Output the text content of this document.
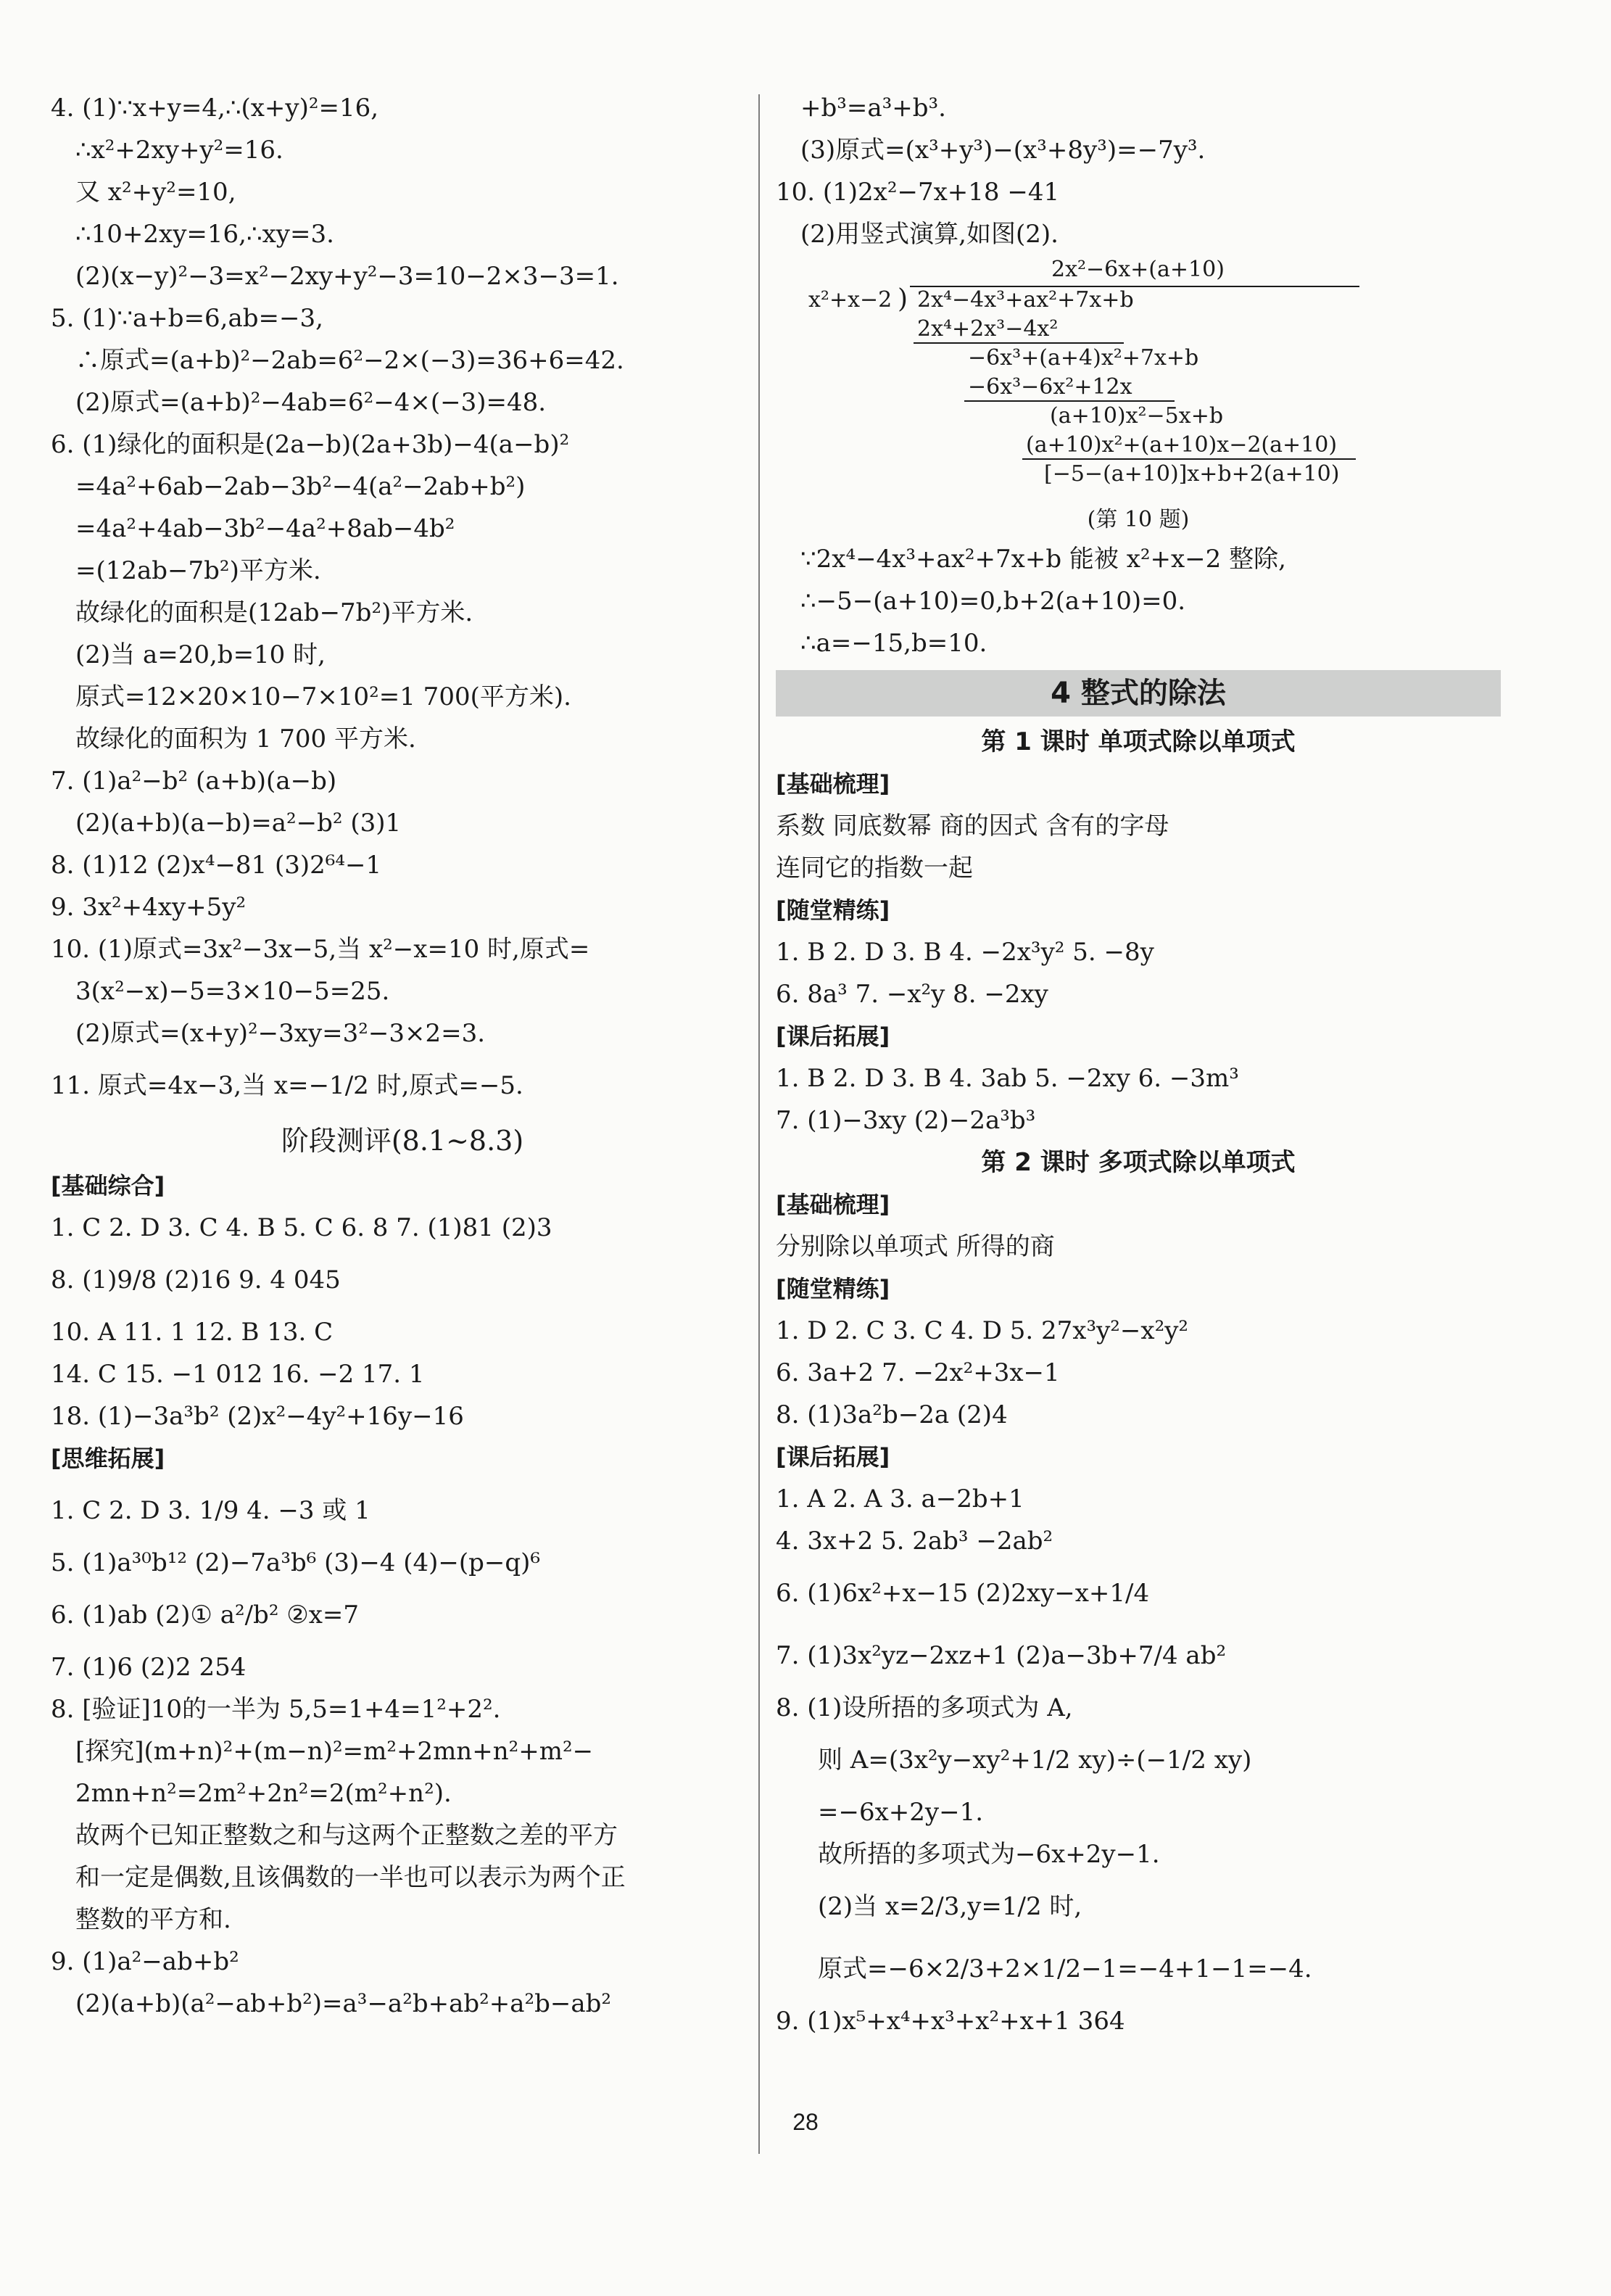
4. (1)∵x+y=4,∴(x+y)²=16,
∴x²+2xy+y²=16.
又 x²+y²=10,
∴10+2xy=16,∴xy=3.
(2)(x−y)²−3=x²−2xy+y²−3=10−2×3−3=1.
5. (1)∵a+b=6,ab=−3,
∴原式=(a+b)²−2ab=6²−2×(−3)=36+6=42.
(2)原式=(a+b)²−4ab=6²−4×(−3)=48.
6. (1)绿化的面积是(2a−b)(2a+3b)−4(a−b)²
=4a²+6ab−2ab−3b²−4(a²−2ab+b²)
=4a²+4ab−3b²−4a²+8ab−4b²
=(12ab−7b²)平方米.
故绿化的面积是(12ab−7b²)平方米.
(2)当 a=20,b=10 时,
原式=12×20×10−7×10²=1 700(平方米).
故绿化的面积为 1 700 平方米.
7. (1)a²−b² (a+b)(a−b)
(2)(a+b)(a−b)=a²−b² (3)1
8. (1)12 (2)x⁴−81 (3)2⁶⁴−1
9. 3x²+4xy+5y²
10. (1)原式=3x²−3x−5,当 x²−x=10 时,原式=
3(x²−x)−5=3×10−5=25.
(2)原式=(x+y)²−3xy=3²−3×2=3.
11. 原式=4x−3,当 x=−1/2 时,原式=−5.
阶段测评(8.1~8.3)
[基础综合]
1. C 2. D 3. C 4. B 5. C 6. 8 7. (1)81 (2)3
8. (1)9/8 (2)16 9. 4 045
10. A 11. 1 12. B 13. C
14. C 15. −1 012 16. −2 17. 1
18. (1)−3a³b² (2)x²−4y²+16y−16
[思维拓展]
1. C 2. D 3. 1/9 4. −3 或 1
5. (1)a³⁰b¹² (2)−7a³b⁶ (3)−4 (4)−(p−q)⁶
6. (1)ab (2)① a²/b² ②x=7
7. (1)6 (2)2 254
8. [验证]10的一半为 5,5=1+4=1²+2².
[探究](m+n)²+(m−n)²=m²+2mn+n²+m²−
2mn+n²=2m²+2n²=2(m²+n²).
故两个已知正整数之和与这两个正整数之差的平方
和一定是偶数,且该偶数的一半也可以表示为两个正
整数的平方和.
9. (1)a²−ab+b²
(2)(a+b)(a²−ab+b²)=a³−a²b+ab²+a²b−ab²
+b³=a³+b³.
(3)原式=(x³+y³)−(x³+8y³)=−7y³.
10. (1)2x²−7x+18 −41
(2)用竖式演算,如图(2).
2x²−6x+(a+10)
x²+x−2 ) 2x⁴−4x³+ax²+7x+b
2x⁴+2x³−4x²
−6x³+(a+4)x²+7x+b
−6x³−6x²+12x
(a+10)x²−5x+b
(a+10)x²+(a+10)x−2(a+10)
[−5−(a+10)]x+b+2(a+10)
(第 10 题)
∵2x⁴−4x³+ax²+7x+b 能被 x²+x−2 整除,
∴−5−(a+10)=0,b+2(a+10)=0.
∴a=−15,b=10.
4 整式的除法
第 1 课时 单项式除以单项式
[基础梳理]
系数 同底数幂 商的因式 含有的字母
连同它的指数一起
[随堂精练]
1. B 2. D 3. B 4. −2x³y² 5. −8y
6. 8a³ 7. −x²y 8. −2xy
[课后拓展]
1. B 2. D 3. B 4. 3ab 5. −2xy 6. −3m³
7. (1)−3xy (2)−2a³b³
第 2 课时 多项式除以单项式
[基础梳理]
分别除以单项式 所得的商
[随堂精练]
1. D 2. C 3. C 4. D 5. 27x³y²−x²y²
6. 3a+2 7. −2x²+3x−1
8. (1)3a²b−2a (2)4
[课后拓展]
1. A 2. A 3. a−2b+1
4. 3x+2 5. 2ab³ −2ab²
6. (1)6x²+x−15 (2)2xy−x+1/4
7. (1)3x²yz−2xz+1 (2)a−3b+7/4 ab²
8. (1)设所捂的多项式为 A,
则 A=(3x²y−xy²+1/2 xy)÷(−1/2 xy)
=−6x+2y−1.
故所捂的多项式为−6x+2y−1.
(2)当 x=2/3,y=1/2 时,
原式=−6×2/3+2×1/2−1=−4+1−1=−4.
9. (1)x⁵+x⁴+x³+x²+x+1 364
28
